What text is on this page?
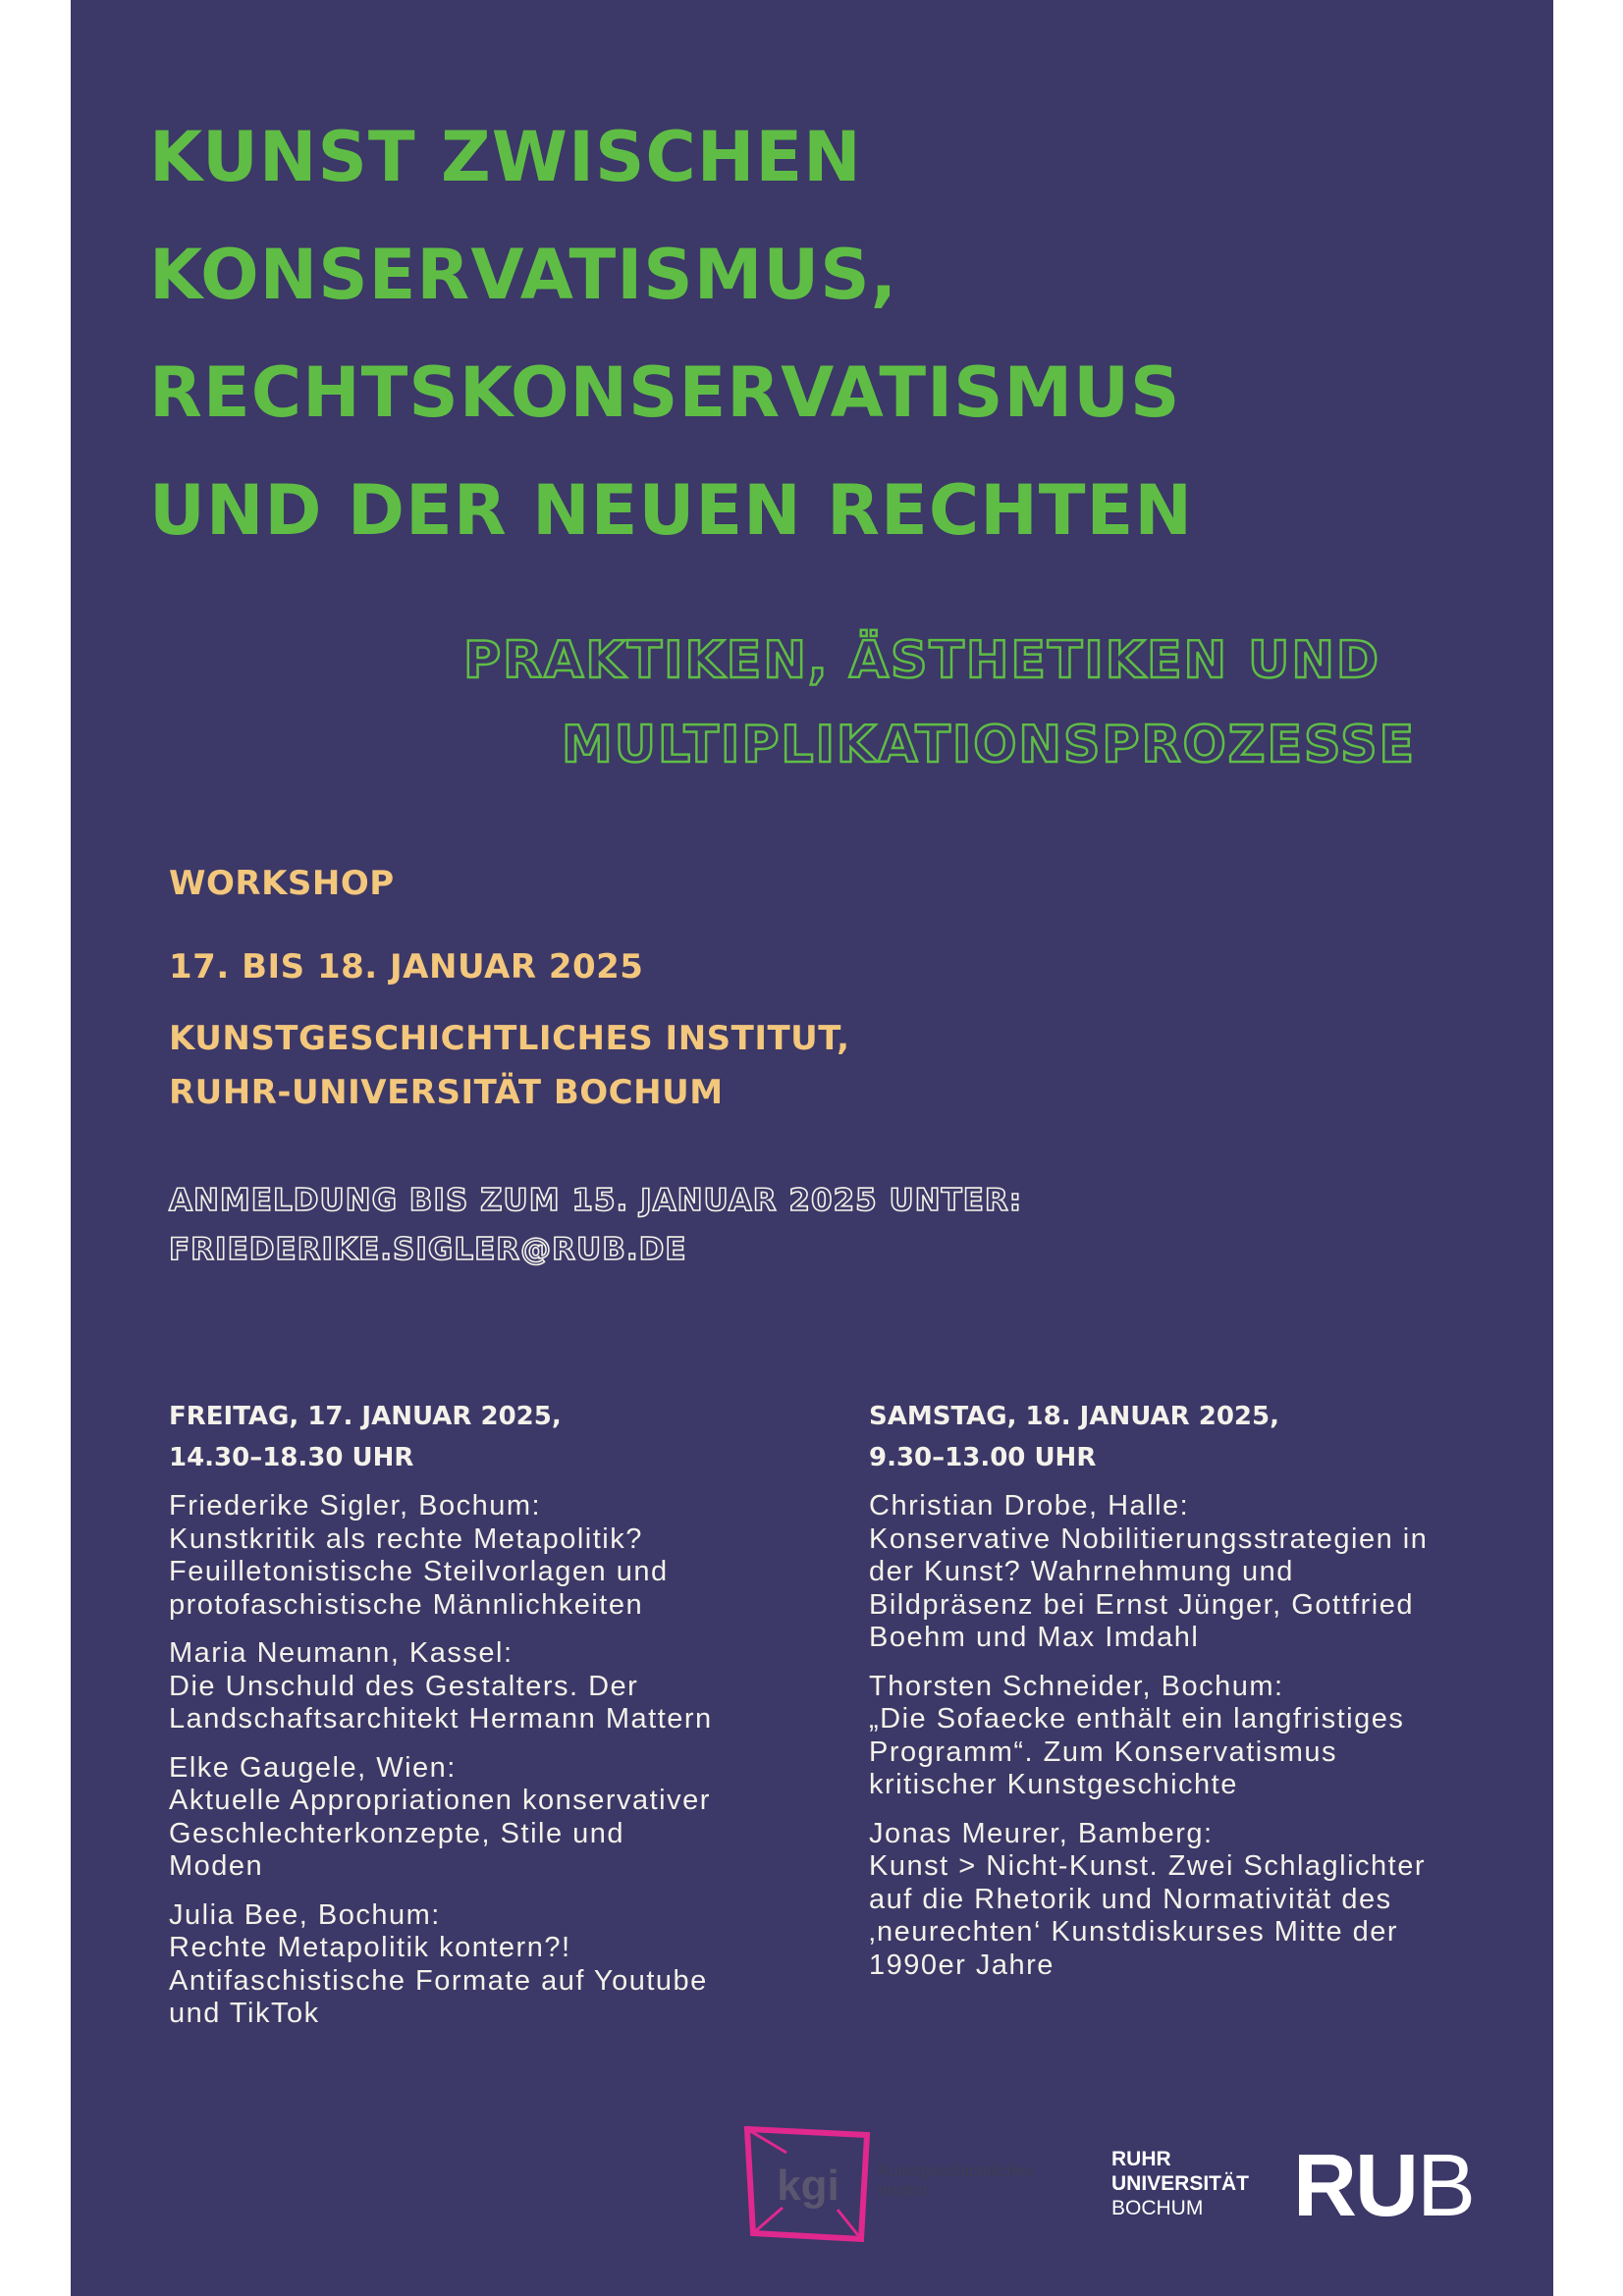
KUNST ZWISCHEN
KONSERVATISMUS,
RECHTSKONSERVATISMUS
UND DER NEUEN RECHTEN
PRAKTIKEN, ÄSTHETIKEN UND
MULTIPLIKATIONSPROZESSE
WORKSHOP
17. BIS 18. JANUAR 2025
KUNSTGESCHICHTLICHES INSTITUT,
RUHR-UNIVERSITÄT BOCHUM
ANMELDUNG BIS ZUM 15. JANUAR 2025 UNTER:
FRIEDERIKE.SIGLER@RUB.DE
FREITAG, 17. JANUAR 2025,
14.30–18.30 UHR
Friederike Sigler, Bochum:
Kunstkritik als rechte Metapolitik?
Feuilletonistische Steilvorlagen und
protofaschistische Männlichkeiten
Maria Neumann, Kassel:
Die Unschuld des Gestalters. Der
Landschaftsarchitekt Hermann Mattern
Elke Gaugele, Wien:
Aktuelle Appropriationen konservativer
Geschlechterkonzepte, Stile und
Moden
Julia Bee, Bochum:
Rechte Metapolitik kontern?!
Antifaschistische Formate auf Youtube
und TikTok
SAMSTAG, 18. JANUAR 2025,
9.30–13.00 UHR
Christian Drobe, Halle:
Konservative Nobilitierungsstrategien in
der Kunst? Wahrnehmung und
Bildpräsenz bei Ernst Jünger, Gottfried
Boehm und Max Imdahl
Thorsten Schneider, Bochum:
„Die Sofaecke enthält ein langfristiges
Programm“. Zum Konservatismus
kritischer Kunstgeschichte
Jonas Meurer, Bamberg:
Kunst > Nicht-Kunst. Zwei Schlaglichter
auf die Rhetorik und Normativität des
‚neurechten‘ Kunstdiskurses Mitte der
1990er Jahre
kgi Kunstgeschichtliches Institut
RUHR
UNIVERSITÄT
BOCHUM	RUB
